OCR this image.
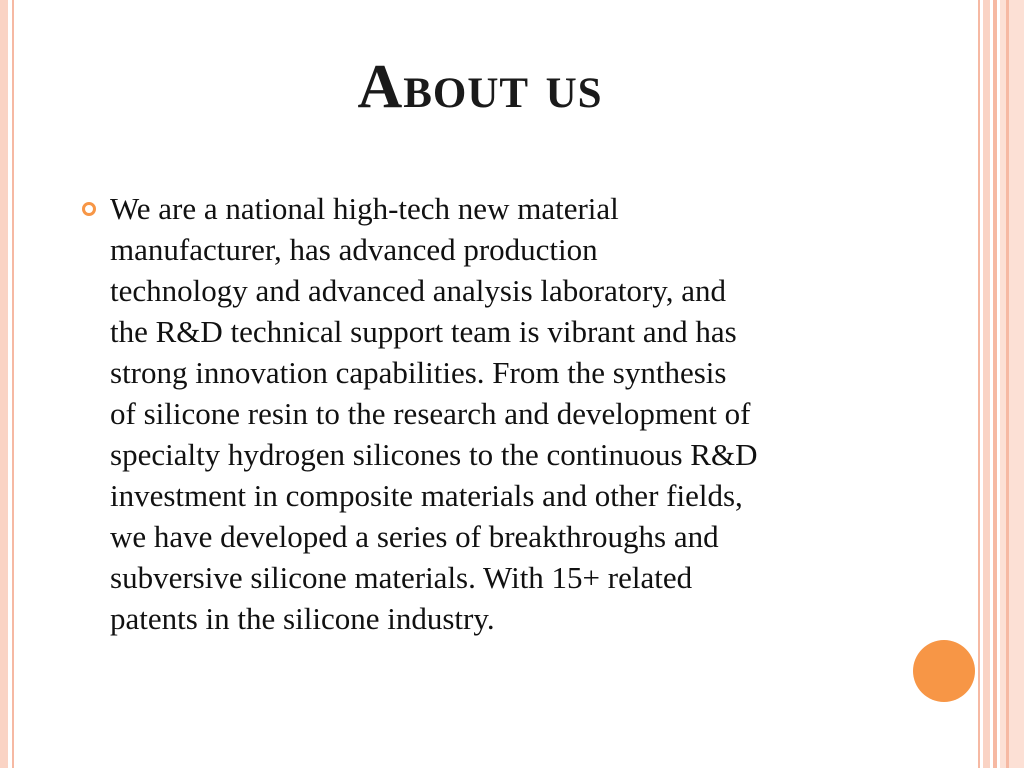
About us
We are a national high-tech new material
manufacturer, has advanced production
technology and advanced analysis laboratory, and
the R&D technical support team is vibrant and has
strong innovation capabilities. From the synthesis
of silicone resin to the research and development of
specialty hydrogen silicones to the continuous R&D
investment in composite materials and other fields,
we have developed a series of breakthroughs and
subversive silicone materials. With 15+ related
patents in the silicone industry.
